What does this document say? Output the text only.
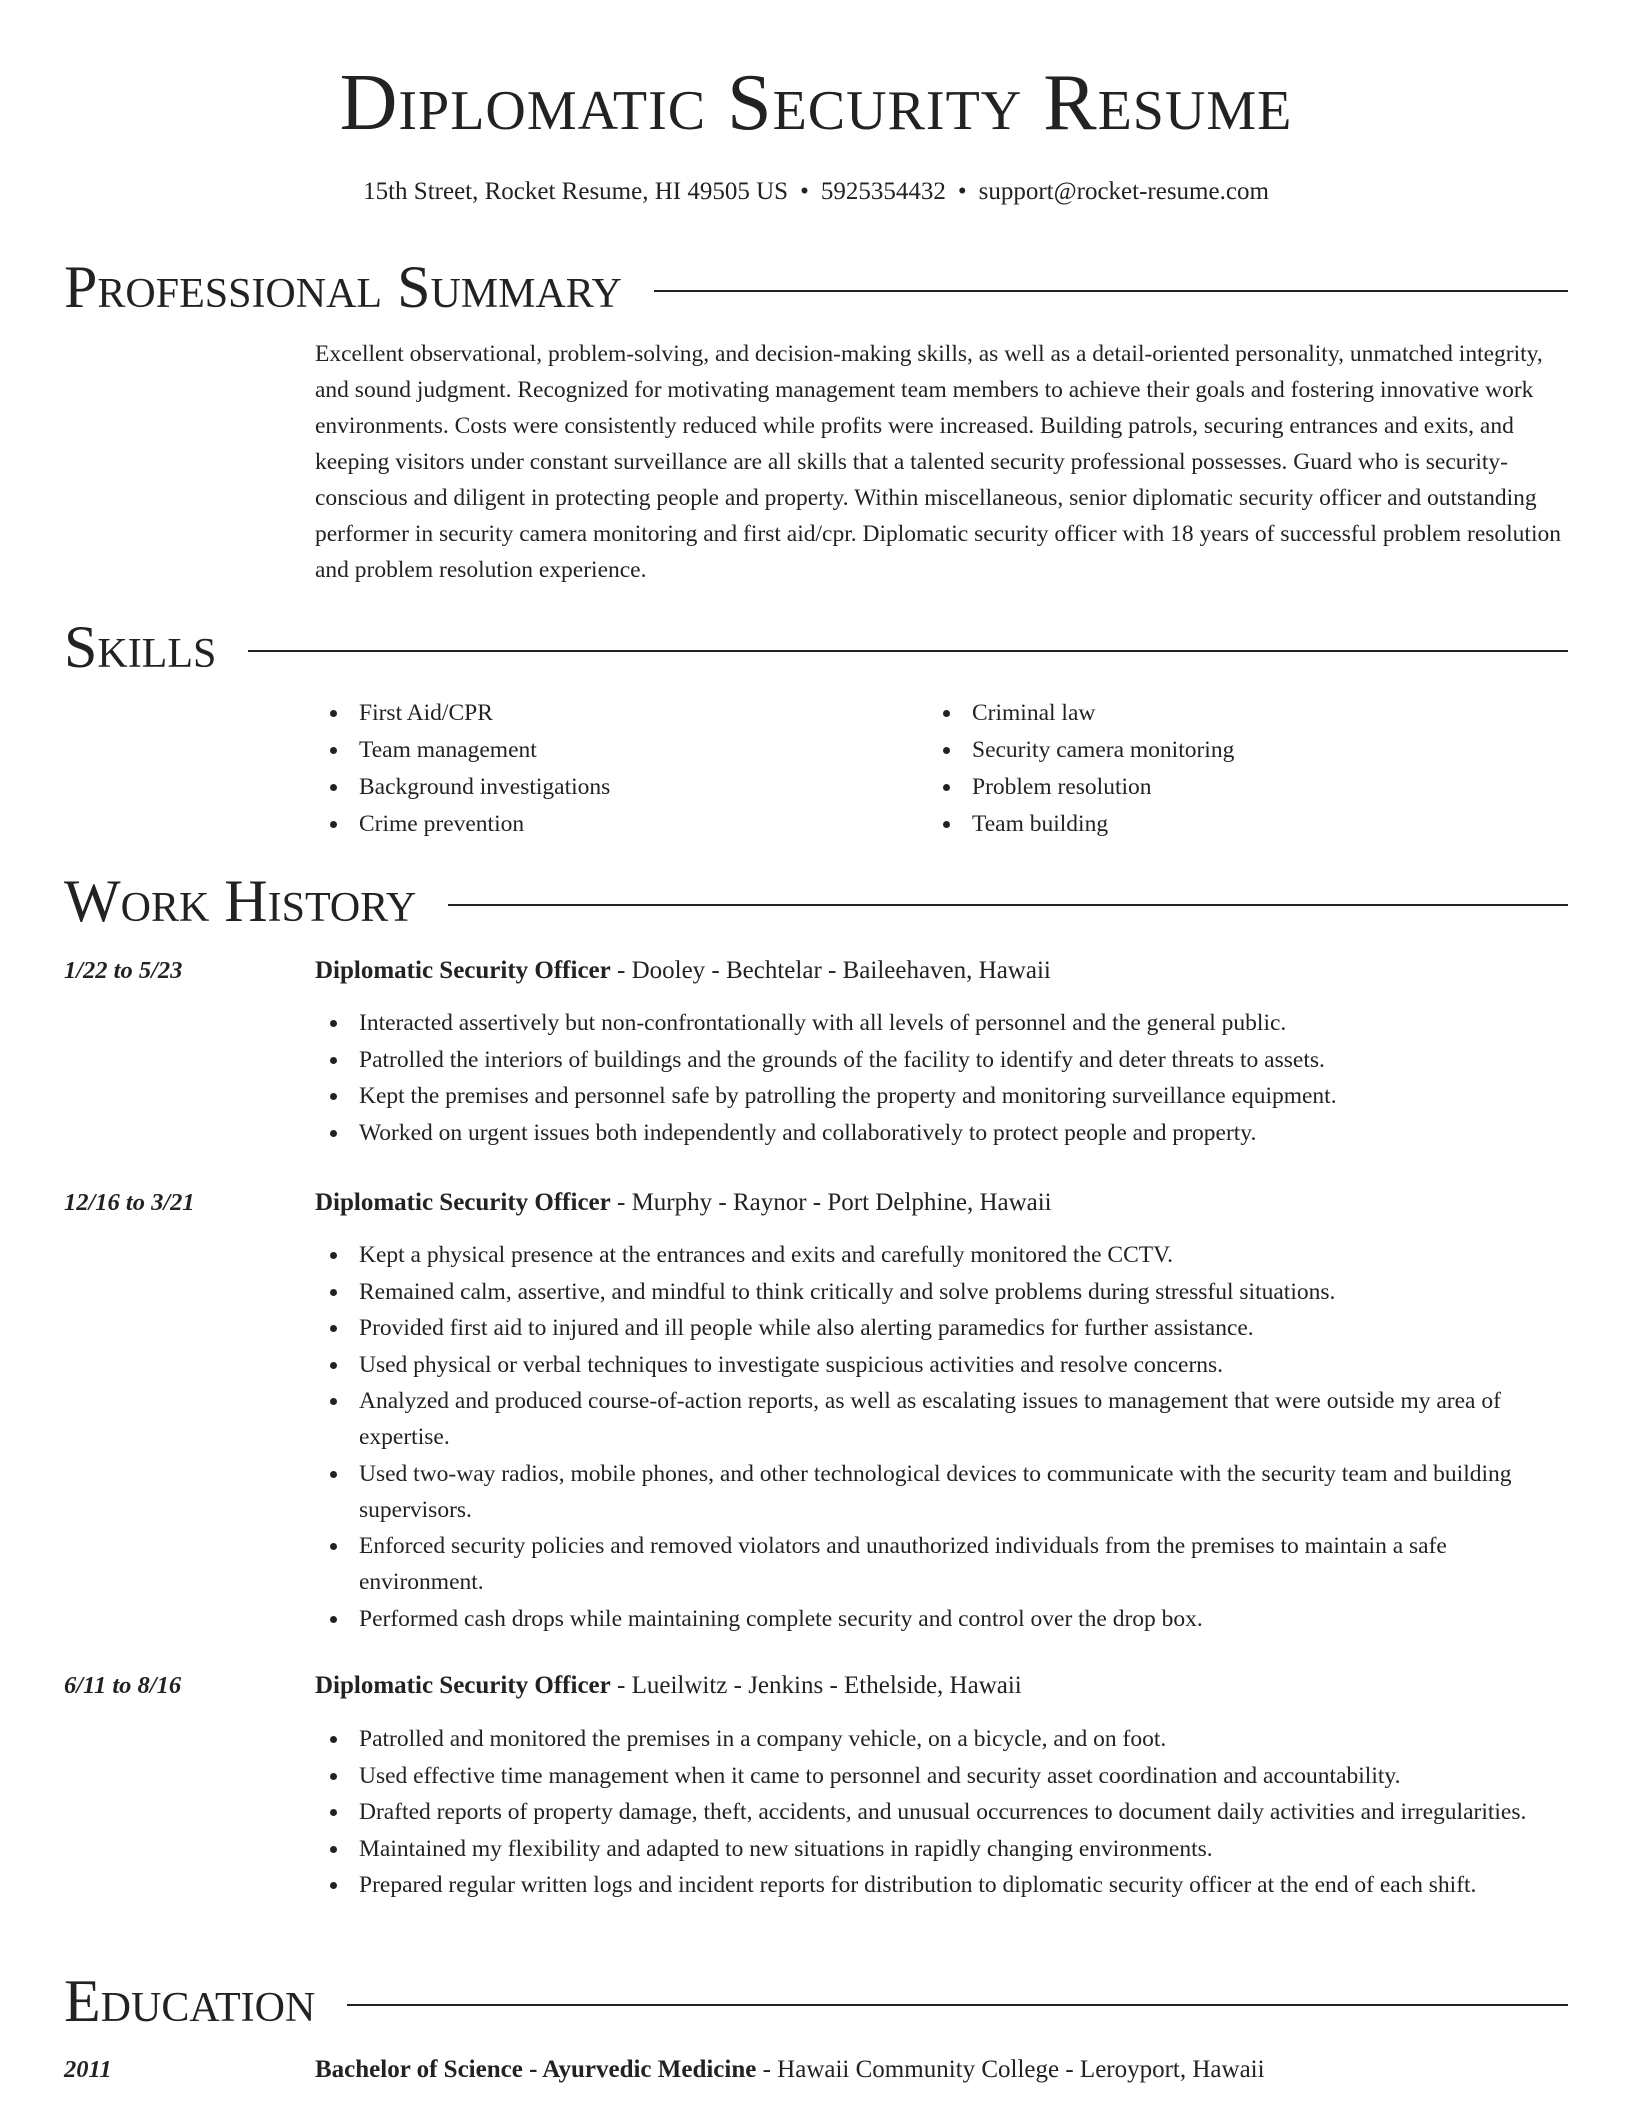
Diplomatic Security Resume
15th Street, Rocket Resume, HI 49505 US • 5925354432 • support@rocket-resume.com
Professional Summary

Excellent observational, problem-solving, and decision-making skills, as well as a detail-oriented personality, unmatched integrity, and sound judgment. Recognized for motivating management team members to achieve their goals and fostering innovative work environments. Costs were consistently reduced while profits were increased. Building patrols, securing entrances and exits, and keeping visitors under constant surveillance are all skills that a talented security professional possesses. Guard who is security-conscious and diligent in protecting people and property. Within miscellaneous, senior diplomatic security officer and outstanding performer in security camera monitoring and first aid/cpr. Diplomatic security officer with 18 years of successful problem resolution and problem resolution experience.

Skills
First Aid/CPR
Team management
Background investigations
Crime prevention
Criminal law
Security camera monitoring
Problem resolution
Team building
Work History
1/22 to 5/23	Diplomatic Security Officer - Dooley - Bechtelar - Baileehaven, Hawaii
Interacted assertively but non-confrontationally with all levels of personnel and the general public.
Patrolled the interiors of buildings and the grounds of the facility to identify and deter threats to assets.
Kept the premises and personnel safe by patrolling the property and monitoring surveillance equipment.
Worked on urgent issues both independently and collaboratively to protect people and property.
12/16 to 3/21	Diplomatic Security Officer - Murphy - Raynor - Port Delphine, Hawaii
Kept a physical presence at the entrances and exits and carefully monitored the CCTV.
Remained calm, assertive, and mindful to think critically and solve problems during stressful situations.
Provided first aid to injured and ill people while also alerting paramedics for further assistance.
Used physical or verbal techniques to investigate suspicious activities and resolve concerns.
Analyzed and produced course-of-action reports, as well as escalating issues to management that were outside my area of expertise.
Used two-way radios, mobile phones, and other technological devices to communicate with the security team and building supervisors.
Enforced security policies and removed violators and unauthorized individuals from the premises to maintain a safe environment.
Performed cash drops while maintaining complete security and control over the drop box.
6/11 to 8/16	Diplomatic Security Officer - Lueilwitz - Jenkins - Ethelside, Hawaii
Patrolled and monitored the premises in a company vehicle, on a bicycle, and on foot.
Used effective time management when it came to personnel and security asset coordination and accountability.
Drafted reports of property damage, theft, accidents, and unusual occurrences to document daily activities and irregularities.
Maintained my flexibility and adapted to new situations in rapidly changing environments.
Prepared regular written logs and incident reports for distribution to diplomatic security officer at the end of each shift.
Education
2011	Bachelor of Science - Ayurvedic Medicine - Hawaii Community College - Leroyport, Hawaii
